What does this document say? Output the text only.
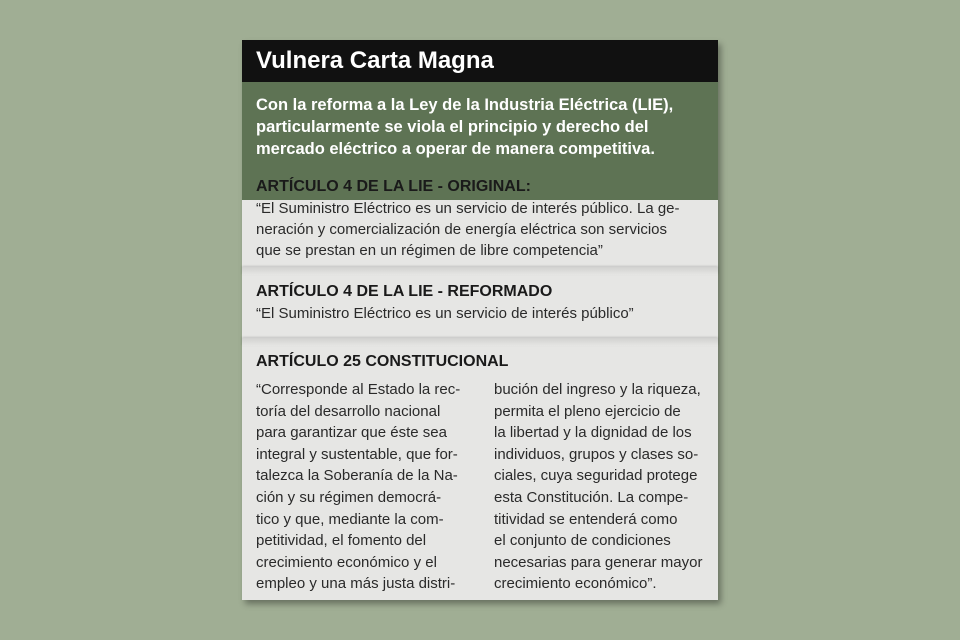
Vulnera Carta Magna
Con la reforma a la Ley de la Industria Eléctrica (LIE),
particularmente se viola el principio y derecho del
mercado eléctrico a operar de manera competitiva.
ARTÍCULO 4 DE LA LIE - ORIGINAL:
“El Suministro Eléctrico es un servicio de interés público. La ge-
neración y comercialización de energía eléctrica son servicios
que se prestan en un régimen de libre competencia”
ARTÍCULO 4 DE LA LIE - REFORMADO
“El Suministro Eléctrico es un servicio de interés público”
ARTÍCULO 25 CONSTITUCIONAL
“Corresponde al Estado la rec-
toría del desarrollo nacional
para garantizar que éste sea
integral y sustentable, que for-
talezca la Soberanía de la Na-
ción y su régimen democrá-
tico y que, mediante la com-
petitividad, el fomento del
crecimiento económico y el
empleo y una más justa distri-
bución del ingreso y la riqueza,
permita el pleno ejercicio de
la libertad y la dignidad de los
individuos, grupos y clases so-
ciales, cuya seguridad protege
esta Constitución. La compe-
titividad se entenderá como
el conjunto de condiciones
necesarias para generar mayor
crecimiento económico”.
